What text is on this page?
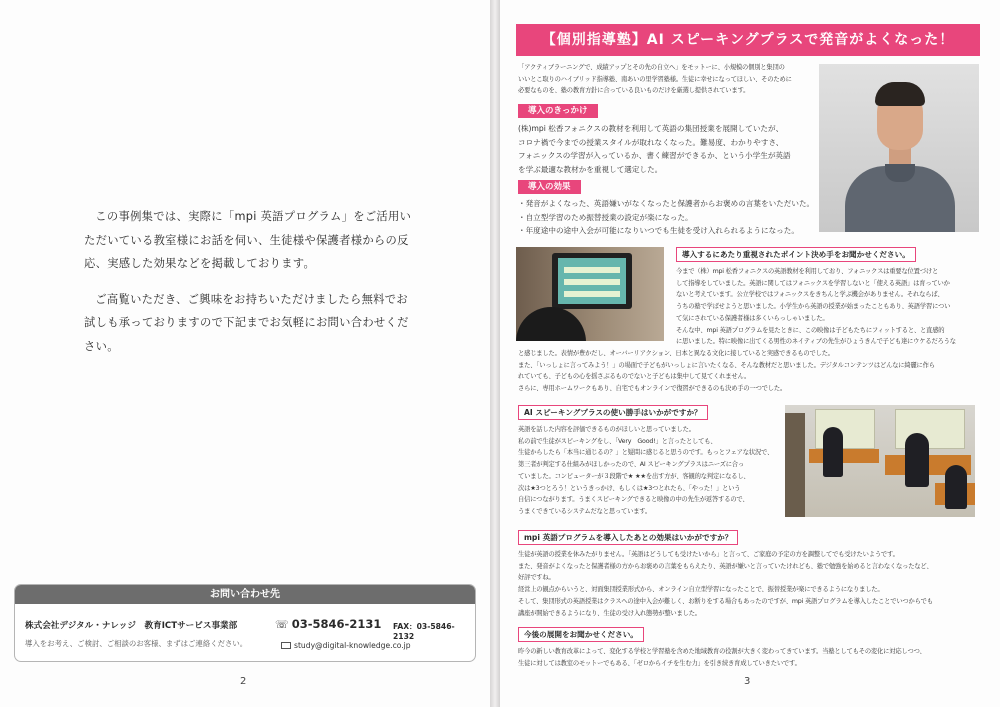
この事例集では、実際に「mpi 英語プログラム」をご活用いただいている教室様にお話を伺い、生徒様や保護者様からの反応、実感した効果などを掲載しております。

ご高覧いただき、ご興味をお持ちいただけましたら無料でお試しも承っておりますので下記までお気軽にお問い合わせください。

お問い合わせ先
株式会社デジタル・ナレッジ　教育ICTサービス事業部
導入をお考え、ご検討、ご相談のお客様、まずはご連絡ください。
☏ 03-5846-2131 FAX：03-5846-2132
study@digital-knowledge.co.jp
2
【個別指導塾】AI スピーキングプラスで発音がよくなった！
「アクティブラーニングで、成績アップとその先の自立へ」をモットーに、小規模の個別と集団の
いいとこ取りのハイブリッド指導塾、南あいの里学習塾様。生徒に幸せになってほしい、そのために
必要なものを、塾の教育方針に合っている良いものだけを厳選し提供されています。
導入のきっかけ
(株)mpi 松香フォニクスの教材を利用して英語の集団授業を展開していたが、
コロナ禍で今までの授業スタイルが取れなくなった。難易度、わかりやすさ、
フォニックスの学習が入っているか、書く練習ができるか、という小学生が英語
を学ぶ最適な教材かを重視して選定した。
導入の効果
・発音がよくなった、英語嫌いがなくなったと保護者からお褒めの言葉をいただいた。
・自立型学習のため振替授業の設定が楽になった。
・年度途中の途中入会が可能になりいつでも生徒を受け入れられるようになった。
導入するにあたり重視されたポイント決め手をお聞かせください。
今まで（株）mpi 松香フォニクスの英語教材を利用しており、フォニックスは重要な位置づけと
して指導をしていました。英語に関してはフォニックスを学習しないと「使える英語」は育っていか
ないと考えています。公立学校ではフォニックスをきちんと学ぶ機会がありません。それならば、
うちの塾で学ばせようと思いました。小学生から英語の授業が始まったこともあり、英語学習につい
て気にされている保護者様は多くいらっしゃいました。
そんな中、mpi 英語プログラムを見たときに、この映像は子どもたちにフィットすると、と直感的
に思いました。特に映像に出てくる男性のネイティブの先生がひょうきんで子ども達にウケるだろうな
と感じました。表情が豊かだし、オーバーリアクション、日本と異なる文化に接していると実感できるものでした。
また、「いっしょに言ってみよう！」の場面で子どもがいっしょに言いたくなる、そんな教材だと思いました。デジタルコンテンツはどんなに綺麗に作ら
れていても、子どもの心を揺さぶるものでないと子どもは集中して見てくれません。
さらに、専用ホームワークもあり、自宅でもオンラインで復習ができるのも決め手の一つでした。
AI スピーキングプラスの使い勝手はいかがですか？
英語を話した内容を評価できるものがほしいと思っていました。
私の前で生徒がスピーキングをし、「Very　Good!」と言ったとしても、
生徒からしたら「本当に通じるの？」と疑問に感じると思うのです。もっとフェアな状況で、
第三者が判定する仕組みがほしかったので、AI スピーキングプラスはニーズに合っ
ていました。コンピューターが３段階で★ ★★を出す方が、客観的な判定になるし、
次は★3つとろう！というきっかけ、もしくは★3つとれたら、「やった！」という
自信につながります。うまくスピーキングできると映像の中の先生が返答するので、
うまくできているシステムだなと思っています。
mpi 英語プログラムを導入したあとの効果はいかがですか？
生徒が英語の授業を休みたがりません。「英語はどうしても受けたいから」と言って、ご家庭の予定の方を調整してでも受けたいようです。
また、発音がよくなったと保護者様の方からお褒めの言葉をもらえたり、英語が嫌いと言っていたけれども、塾で勉強を始めると言わなくなったなど、
好評ですね。
経営上の観点からいうと、対面集団授業形式から、オンライン自立型学習になったことで、振替授業が楽にできるようになりました。
そして、集団形式の英語授業はクラスへの途中入会が難しく、お断りをする場合もあったのですが、mpi 英語プログラムを導入したことでいつからでも
講座が開始できるようになり、生徒の受け入れ態勢が整いました。
今後の展開をお聞かせください。
昨今の新しい教育改革によって、変化する学校と学習塾を含めた地域教育の役割が大きく変わってきています。当塾としてもその変化に対応しつつ、
生徒に対しては教室のモットーでもある、「ゼロからイチを生む力」を引き続き育成していきたいです。
3
